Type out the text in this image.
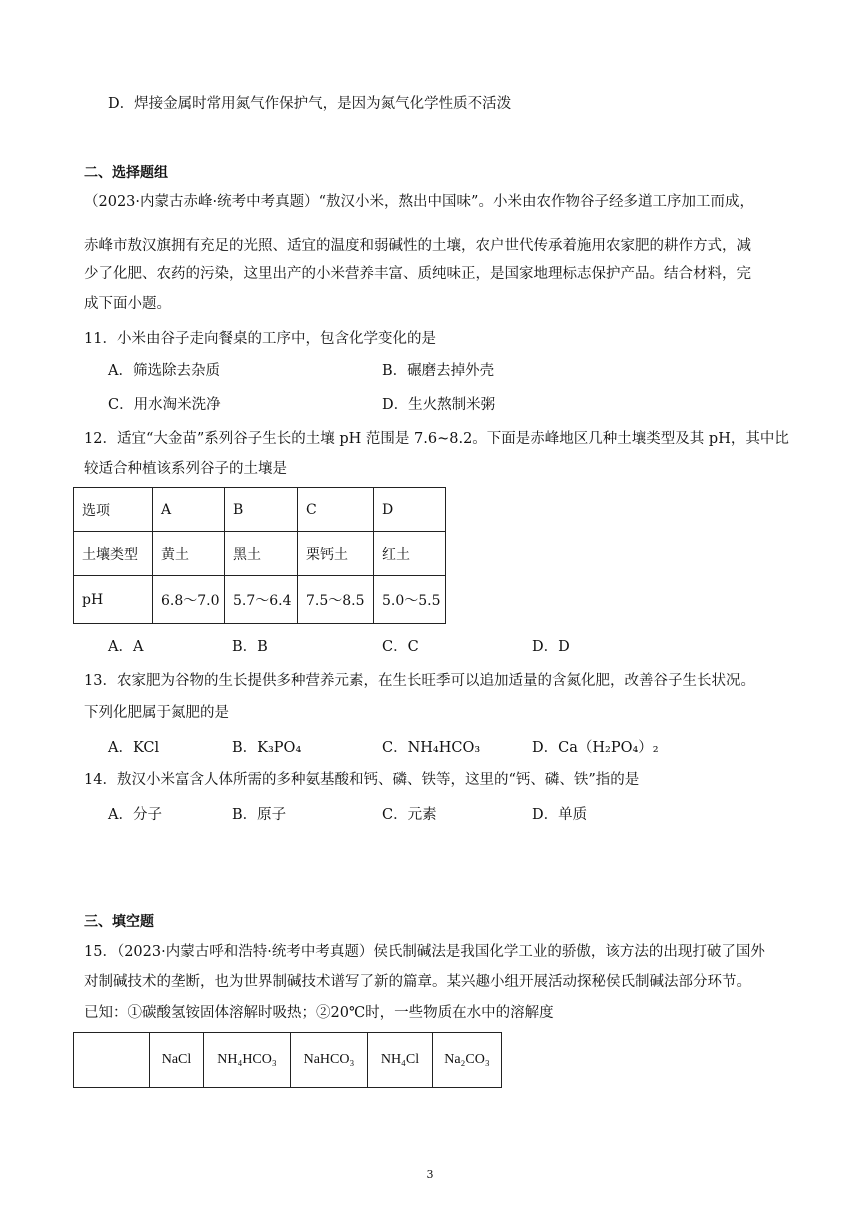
D．焊接金属时常用氮气作保护气，是因为氮气化学性质不活泼
二、选择题组
（2023·内蒙古赤峰·统考中考真题）“敖汉小米，熬出中国味”。小米由农作物谷子经多道工序加工而成，
赤峰市敖汉旗拥有充足的光照、适宜的温度和弱碱性的土壤，农户世代传承着施用农家肥的耕作方式，减
少了化肥、农药的污染，这里出产的小米营养丰富、质纯味正，是国家地理标志保护产品。结合材料，完
成下面小题。
11．小米由谷子走向餐桌的工序中，包含化学变化的是
A．筛选除去杂质	B．碾磨去掉外壳
C．用水淘米洗净	D．生火熬制米粥
12．适宜“大金苗”系列谷子生长的土壤 pH 范围是 7.6~8.2。下面是赤峰地区几种土壤类型及其 pH，其中比
较适合种植该系列谷子的土壤是
选项	A	B	C	D
土壤类型	黄土	黑土	栗钙土	红土
pH	6.8～7.0	5.7～6.4	7.5～8.5	5.0～5.5
A．A	B．B	C．C	D．D
13．农家肥为谷物的生长提供多种营养元素，在生长旺季可以追加适量的含氮化肥，改善谷子生长状况。
下列化肥属于氮肥的是
A．KCl	B．K₃PO₄	C．NH₄HCO₃	D．Ca（H₂PO₄）₂
14．敖汉小米富含人体所需的多种氨基酸和钙、磷、铁等，这里的“钙、磷、铁”指的是
A．分子	B．原子	C．元素	D．单质
三、填空题
15．（2023·内蒙古呼和浩特·统考中考真题）侯氏制碱法是我国化学工业的骄傲，该方法的出现打破了国外
对制碱技术的垄断，也为世界制碱技术谱写了新的篇章。某兴趣小组开展活动探秘侯氏制碱法部分环节。
已知：①碳酸氢铵固体溶解时吸热；②20℃时，一些物质在水中的溶解度
	NaCl	NH₄HCO₃	NaHCO₃	NH₄Cl	Na₂CO₃
3
